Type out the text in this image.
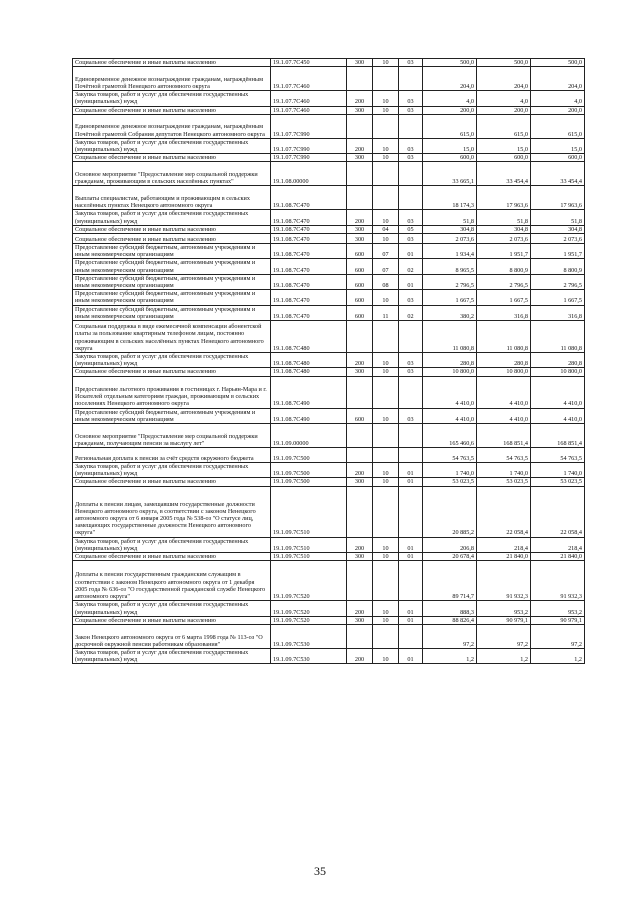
Социальное обеспечение и иные выплаты населению	19.1.07.7С450	300	10	03	500,0	500,0	500,0
Единовременное денежное вознаграждение гражданам, награждённым Почётной грамотой Ненецкого автономного округа	19.1.07.7С460				204,0	204,0	204,0
Закупка товаров, работ и услуг для обеспечения государственных (муниципальных) нужд	19.1.07.7С460	200	10	03	4,0	4,0	4,0
Социальное обеспечение и иные выплаты населению	19.1.07.7С460	300	10	03	200,0	200,0	200,0
Единовременное денежное вознаграждение гражданам, награждённым Почётной грамотой Собрания депутатов Ненецкого автономного округа	19.1.07.7С990				615,0	615,0	615,0
Закупка товаров, работ и услуг для обеспечения государственных (муниципальных) нужд	19.1.07.7С990	200	10	03	15,0	15,0	15,0
Социальное обеспечение и иные выплаты населению	19.1.07.7С990	300	10	03	600,0	600,0	600,0
Основное мероприятие "Предоставление мер социальной поддержки гражданам, проживающим в сельских населённых пунктах"	19.1.08.00000				33 665,1	33 454,4	33 454,4
Выплаты специалистам, работающим и проживающим в сельских населённых пунктах Ненецкого автономного округа	19.1.08.7С470				18 174,3	17 963,6	17 963,6
Закупка товаров, работ и услуг для обеспечения государственных (муниципальных) нужд	19.1.08.7С470	200	10	03	51,8	51,8	51,8
Социальное обеспечение и иные выплаты населению	19.1.08.7С470	300	04	05	304,8	304,8	304,8
Социальное обеспечение и иные выплаты населению	19.1.08.7С470	300	10	03	2 073,6	2 073,6	2 073,6
Предоставление субсидий бюджетным, автономным учреждениям и иным некоммерческим организациям	19.1.08.7С470	600	07	01	1 934,4	1 951,7	1 951,7
Предоставление субсидий бюджетным, автономным учреждениям и иным некоммерческим организациям	19.1.08.7С470	600	07	02	8 965,5	8 800,9	8 800,9
Предоставление субсидий бюджетным, автономным учреждениям и иным некоммерческим организациям	19.1.08.7С470	600	08	01	2 796,5	2 796,5	2 796,5
Предоставление субсидий бюджетным, автономным учреждениям и иным некоммерческим организациям	19.1.08.7С470	600	10	03	1 667,5	1 667,5	1 667,5
Предоставление субсидий бюджетным, автономным учреждениям и иным некоммерческим организациям	19.1.08.7С470	600	11	02	380,2	316,8	316,8
Социальная поддержка в виде ежемесячной компенсации абонентской платы за пользование квартирным телефоном лицам, постоянно проживающим в сельских населённых пунктах Ненецкого автономного округа	19.1.08.7С480				11 080,8	11 080,8	11 080,8
Закупка товаров, работ и услуг для обеспечения государственных (муниципальных) нужд	19.1.08.7С480	200	10	03	280,8	280,8	280,8
Социальное обеспечение и иные выплаты населению	19.1.08.7С480	300	10	03	10 800,0	10 800,0	10 800,0
Предоставление льготного проживания в гостиницах г. Нарьян-Мара и г. Искателей отдельным категориям граждан, проживающим в сельских поселениях Ненецкого автономного округа	19.1.08.7С490				4 410,0	4 410,0	4 410,0
Предоставление субсидий бюджетным, автономным учреждениям и иным некоммерческим организациям	19.1.08.7С490	600	10	03	4 410,0	4 410,0	4 410,0
Основное мероприятие "Предоставление мер социальной поддержки гражданам, получающим пенсии за выслугу лет"	19.1.09.00000				165 460,6	168 851,4	168 851,4
Региональная доплата к пенсии за счёт средств окружного бюджета	19.1.09.7С500				54 763,5	54 763,5	54 763,5
Закупка товаров, работ и услуг для обеспечения государственных (муниципальных) нужд	19.1.09.7С500	200	10	01	1 740,0	1 740,0	1 740,0
Социальное обеспечение и иные выплаты населению	19.1.09.7С500	300	10	01	53 023,5	53 023,5	53 023,5
Доплаты к пенсии лицам, замещавшим государственные должности Ненецкого автономного округа, в соответствии с законом Ненецкого автономного округа от 6 января 2005 года № 538-оз "О статусе лиц, замещающих государственные должности Ненецкого автономного округа"	19.1.09.7С510				20 885,2	22 058,4	22 058,4
Закупка товаров, работ и услуг для обеспечения государственных (муниципальных) нужд	19.1.09.7С510	200	10	01	206,8	218,4	218,4
Социальное обеспечение и иные выплаты населению	19.1.09.7С510	300	10	01	20 678,4	21 840,0	21 840,0
Доплаты к пенсии государственным гражданским служащим в соответствии с законом Ненецкого автономного округа от 1 декабря 2005 года № 636-оз "О государственной гражданской службе Ненецкого автономного округа"	19.1.09.7С520				89 714,7	91 932,3	91 932,3
Закупка товаров, работ и услуг для обеспечения государственных (муниципальных) нужд	19.1.09.7С520	200	10	01	888,3	953,2	953,2
Социальное обеспечение и иные выплаты населению	19.1.09.7С520	300	10	01	88 826,4	90 979,1	90 979,1
Закон Ненецкого автономного округа от 6 марта 1998 года № 113-оз "О досрочной окружной пенсии работникам образования"	19.1.09.7С530				97,2	97,2	97,2
Закупка товаров, работ и услуг для обеспечения государственных (муниципальных) нужд	19.1.09.7С530	200	10	01	1,2	1,2	1,2
35
